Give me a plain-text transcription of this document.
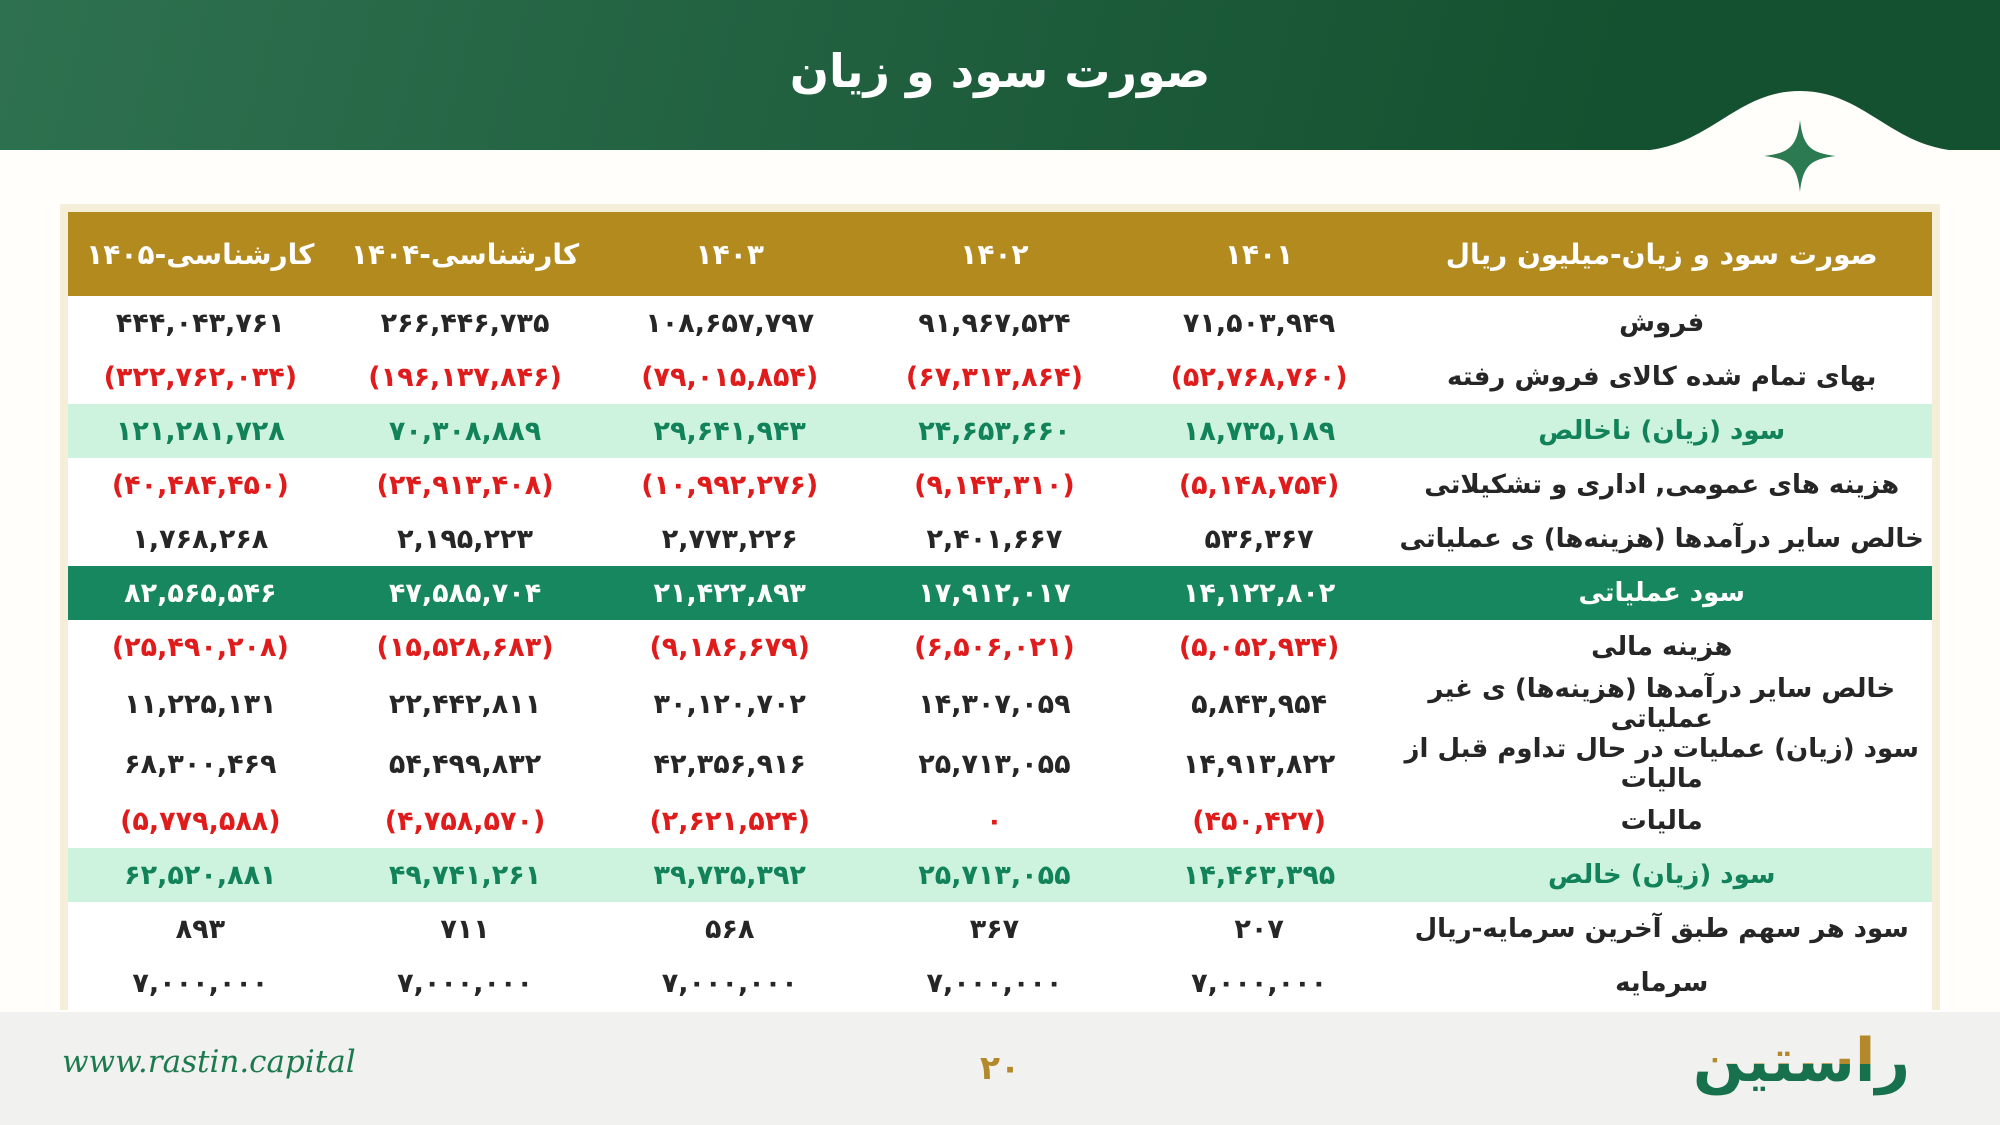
صورت سود و زیان
صورت سود و زیان-میلیون ریال	۱۴۰۱	۱۴۰۲	۱۴۰۳	کارشناسی-۱۴۰۴	کارشناسی-۱۴۰۵
فروش	۷۱,۵۰۳,۹۴۹	۹۱,۹۶۷,۵۲۴	۱۰۸,۶۵۷,۷۹۷	۲۶۶,۴۴۶,۷۳۵	۴۴۴,۰۴۳,۷۶۱
بهای تمام شده کالای فروش رفته	(۵۲,۷۶۸,۷۶۰)	(۶۷,۳۱۳,۸۶۴)	(۷۹,۰۱۵,۸۵۴)	(۱۹۶,۱۳۷,۸۴۶)	(۳۲۲,۷۶۲,۰۳۴)
سود (زیان) ناخالص	۱۸,۷۳۵,۱۸۹	۲۴,۶۵۳,۶۶۰	۲۹,۶۴۱,۹۴۳	۷۰,۳۰۸,۸۸۹	۱۲۱,۲۸۱,۷۲۸
هزینه های عمومی, اداری و تشکیلاتی	(۵,۱۴۸,۷۵۴)	(۹,۱۴۳,۳۱۰)	(۱۰,۹۹۲,۲۷۶)	(۲۴,۹۱۳,۴۰۸)	(۴۰,۴۸۴,۴۵۰)
خالص سایر درآمدها (هزینه‌ها) ی عملیاتی	۵۳۶,۳۶۷	۲,۴۰۱,۶۶۷	۲,۷۷۳,۲۲۶	۲,۱۹۵,۲۲۳	۱,۷۶۸,۲۶۸
سود عملیاتی	۱۴,۱۲۲,۸۰۲	۱۷,۹۱۲,۰۱۷	۲۱,۴۲۲,۸۹۳	۴۷,۵۸۵,۷۰۴	۸۲,۵۶۵,۵۴۶
هزینه مالی	(۵,۰۵۲,۹۳۴)	(۶,۵۰۶,۰۲۱)	(۹,۱۸۶,۶۷۹)	(۱۵,۵۲۸,۶۸۳)	(۲۵,۴۹۰,۲۰۸)
خالص سایر درآمدها (هزینه‌ها) ی غیر عملیاتی	۵,۸۴۳,۹۵۴	۱۴,۳۰۷,۰۵۹	۳۰,۱۲۰,۷۰۲	۲۲,۴۴۲,۸۱۱	۱۱,۲۲۵,۱۳۱
سود (زیان) عملیات در حال تداوم قبل از مالیات	۱۴,۹۱۳,۸۲۲	۲۵,۷۱۳,۰۵۵	۴۲,۳۵۶,۹۱۶	۵۴,۴۹۹,۸۳۲	۶۸,۳۰۰,۴۶۹
مالیات	(۴۵۰,۴۲۷)	۰	(۲,۶۲۱,۵۲۴)	(۴,۷۵۸,۵۷۰)	(۵,۷۷۹,۵۸۸)
سود (زیان) خالص	۱۴,۴۶۳,۳۹۵	۲۵,۷۱۳,۰۵۵	۳۹,۷۳۵,۳۹۲	۴۹,۷۴۱,۲۶۱	۶۲,۵۲۰,۸۸۱
سود هر سهم طبق آخرین سرمایه-ریال	۲۰۷	۳۶۷	۵۶۸	۷۱۱	۸۹۳
سرمایه	۷,۰۰۰,۰۰۰	۷,۰۰۰,۰۰۰	۷,۰۰۰,۰۰۰	۷,۰۰۰,۰۰۰	۷,۰۰۰,۰۰۰
www.rastin.capital	۲۰	راستین
